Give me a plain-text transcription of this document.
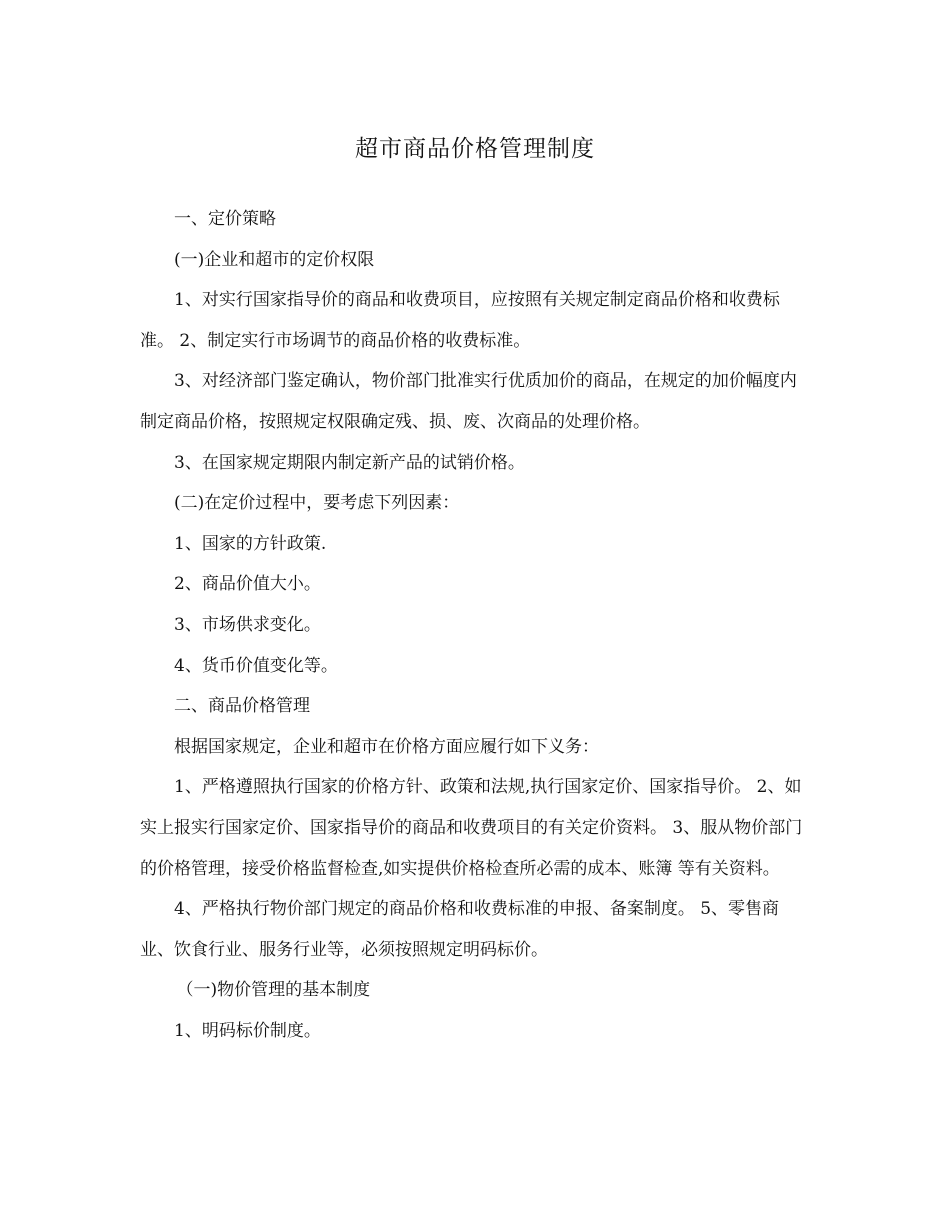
超市商品价格管理制度

一、定价策略

(一)企业和超市的定价权限

1、对实行国家指导价的商品和收费项目，应按照有关规定制定商品价格和收费标准。 2、制定实行市场调节的商品价格的收费标准。

3、对经济部门鉴定确认，物价部门批准实行优质加价的商品，在规定的加价幅度内制定商品价格，按照规定权限确定残、损、废、次商品的处理价格。

3、在国家规定期限内制定新产品的试销价格。

(二)在定价过程中，要考虑下列因素：

1、国家的方针政策.

2、商品价值大小。

3、市场供求变化。

4、货币价值变化等。

二、商品价格管理

根据国家规定，企业和超市在价格方面应履行如下义务：

1、严格遵照执行国家的价格方针、政策和法规,执行国家定价、国家指导价。 2、如实上报实行国家定价、国家指导价的商品和收费项目的有关定价资料。 3、服从物价部门的价格管理，接受价格监督检查,如实提供价格检查所必需的成本、账簿 等有关资料。

4、严格执行物价部门规定的商品价格和收费标准的申报、备案制度。 5、零售商业、饮食行业、服务行业等，必须按照规定明码标价。

（一)物价管理的基本制度

1、明码标价制度。
